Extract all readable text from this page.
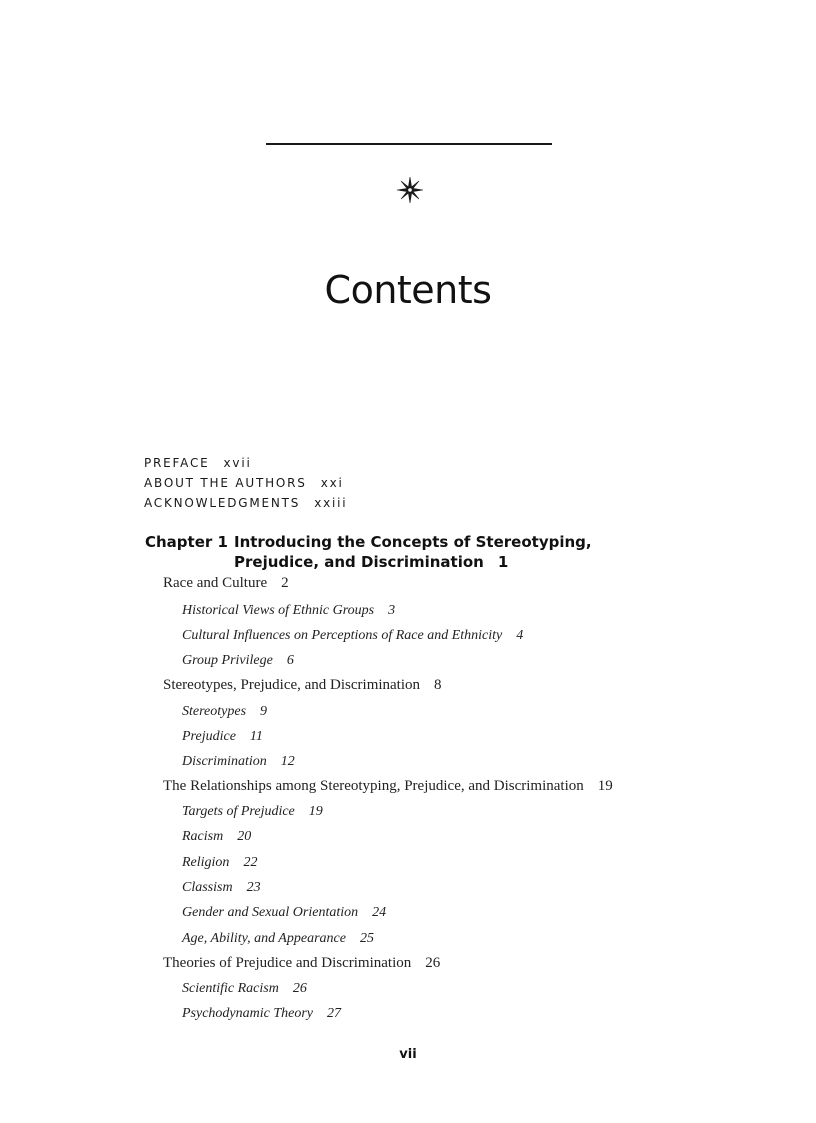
Contents
PREFACE xvii
ABOUT THE AUTHORS xxi
ACKNOWLEDGMENTS xxiii
Chapter 1 Introducing the Concepts of Stereotyping, Prejudice, and Discrimination 1
Race and Culture 2
Historical Views of Ethnic Groups 3
Cultural Influences on Perceptions of Race and Ethnicity 4
Group Privilege 6
Stereotypes, Prejudice, and Discrimination 8
Stereotypes 9
Prejudice 11
Discrimination 12
The Relationships among Stereotyping, Prejudice, and Discrimination 19
Targets of Prejudice 19
Racism 20
Religion 22
Classism 23
Gender and Sexual Orientation 24
Age, Ability, and Appearance 25
Theories of Prejudice and Discrimination 26
Scientific Racism 26
Psychodynamic Theory 27
vii
